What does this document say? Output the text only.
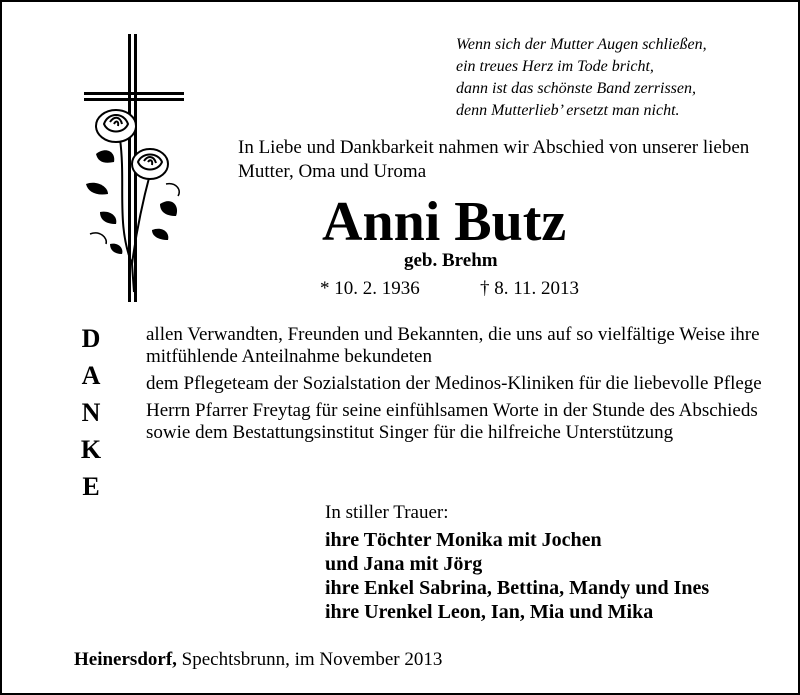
Wenn sich der Mutter Augen schließen,
ein treues Herz im Tode bricht,
dann ist das schönste Band zerrissen,
denn Mutterlieb’ ersetzt man nicht.
In Liebe und Dankbarkeit nahmen wir Abschied von unserer lieben Mutter, Oma und Uroma
Anni Butz
geb. Brehm
* 10. 2. 1936	† 8. 11. 2013
D
A
N
K
E

allen Verwandten, Freunden und Bekannten, die uns auf so vielfältige Weise ihre mitfühlende Anteilnahme bekundeten

dem Pflegeteam der Sozialstation der Medinos-Kliniken für die liebevolle Pflege

Herrn Pfarrer Freytag für seine einfühlsamen Worte in der Stunde des Abschieds sowie dem Bestattungsinstitut Singer für die hilfreiche Unterstützung

In stiller Trauer:
ihre Töchter Monika mit Jochen
und Jana mit Jörg
ihre Enkel Sabrina, Bettina, Mandy und Ines
ihre Urenkel Leon, Ian, Mia und Mika
Heinersdorf, Spechtsbrunn, im November 2013
